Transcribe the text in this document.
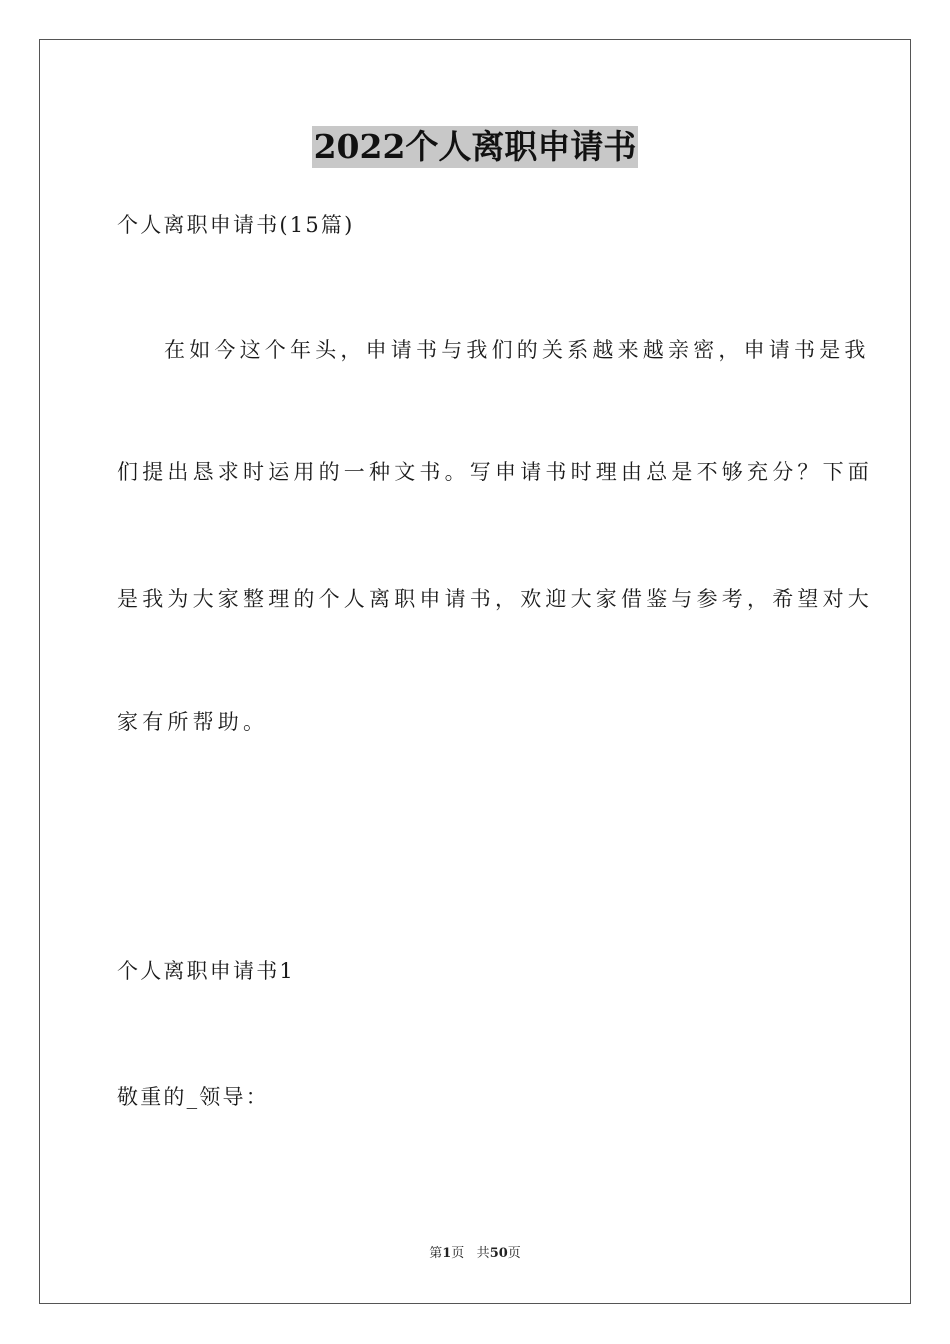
2022个人离职申请书
个人离职申请书(15篇)
在如今这个年头，申请书与我们的关系越来越亲密，申请书是我
们提出恳求时运用的一种文书。写申请书时理由总是不够充分？下面
是我为大家整理的个人离职申请书，欢迎大家借鉴与参考，希望对大
家有所帮助。
个人离职申请书1
敬重的_领导：
第1页 共50页
